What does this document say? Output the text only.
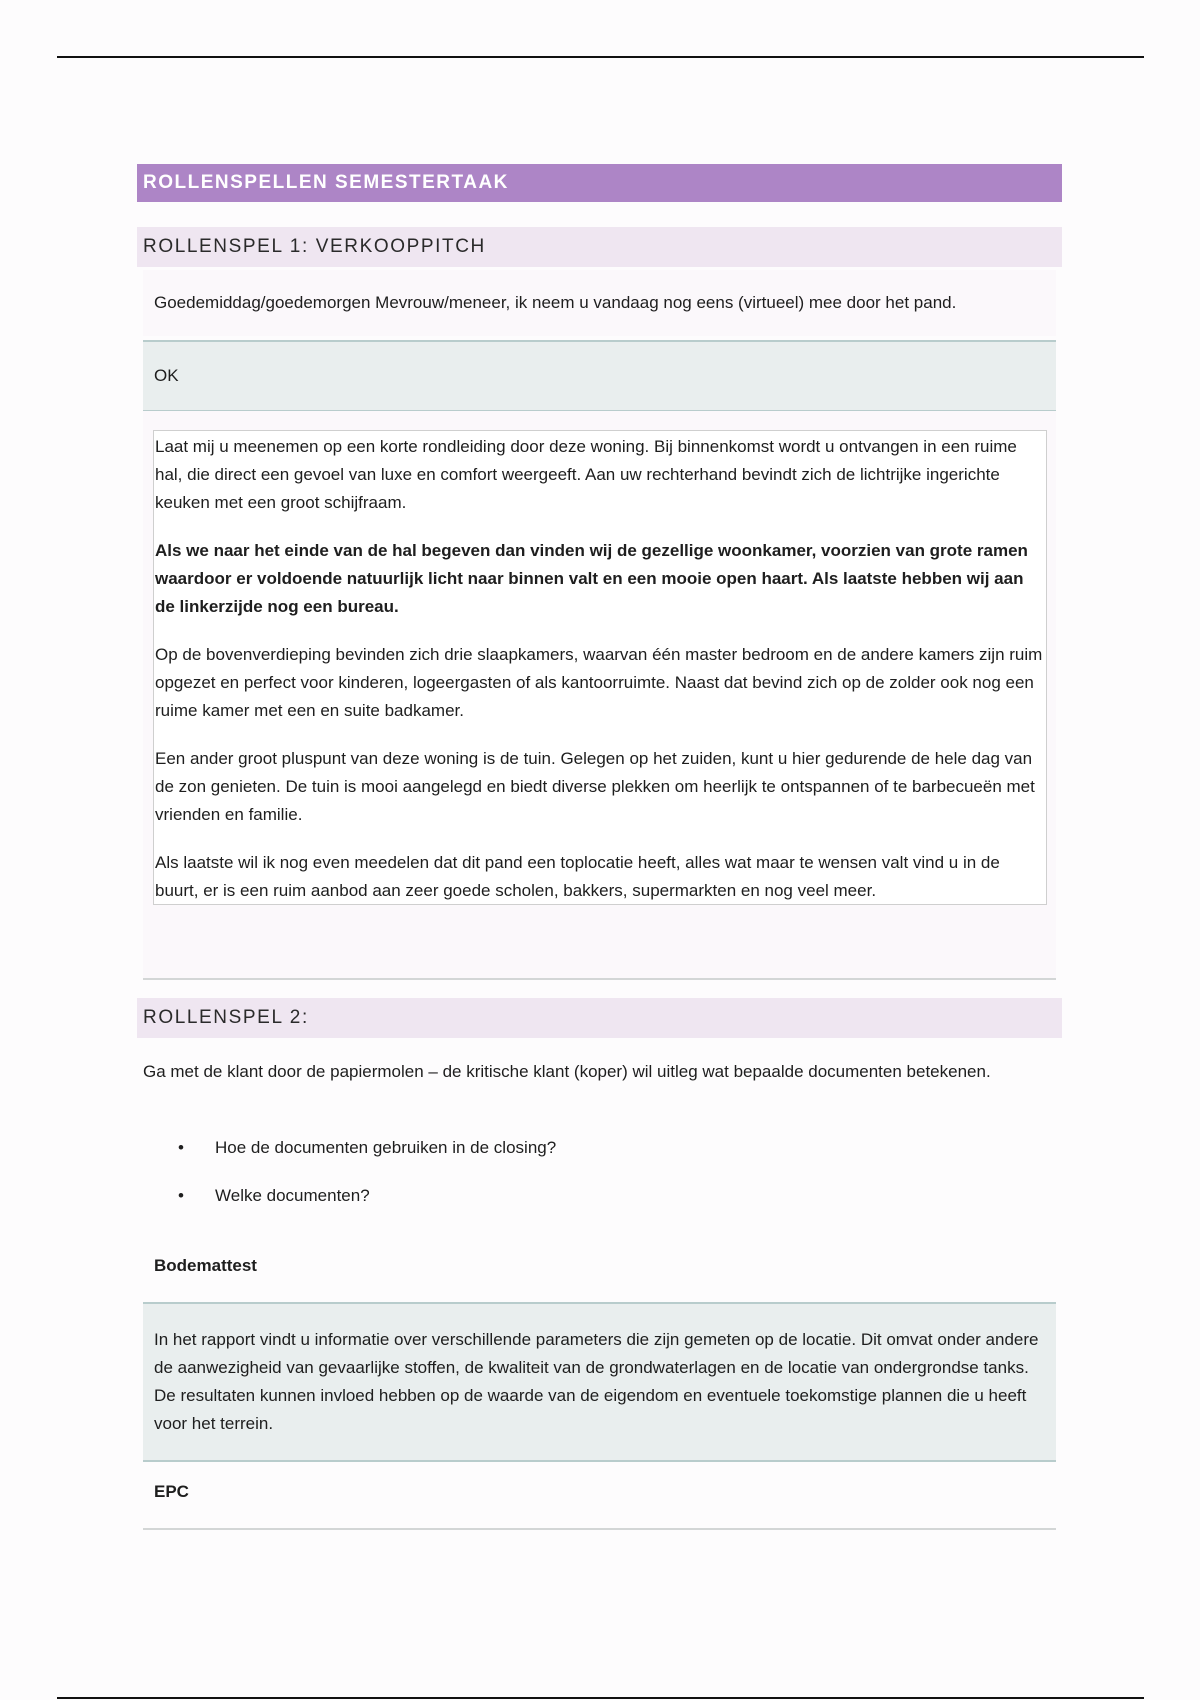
ROLLENSPELLEN SEMESTERTAAK
ROLLENSPEL 1: VERKOOPPITCH
Goedemiddag/goedemorgen Mevrouw/meneer, ik neem u vandaag nog eens (virtueel) mee door het pand.
OK

Laat mij u meenemen op een korte rondleiding door deze woning. Bij binnenkomst wordt u ontvangen in een ruime hal, die direct een gevoel van luxe en comfort weergeeft. Aan uw rechterhand bevindt zich de lichtrijke ingerichte keuken met een groot schijfraam.

Als we naar het einde van de hal begeven dan vinden wij de gezellige woonkamer, voorzien van grote ramen waardoor er voldoende natuurlijk licht naar binnen valt en een mooie open haart. Als laatste hebben wij aan de linkerzijde nog een bureau.

Op de bovenverdieping bevinden zich drie slaapkamers, waarvan één master bedroom en de andere kamers zijn ruim opgezet en perfect voor kinderen, logeergasten of als kantoorruimte. Naast dat bevind zich op de zolder ook nog een ruime kamer met een en suite badkamer.

Een ander groot pluspunt van deze woning is de tuin. Gelegen op het zuiden, kunt u hier gedurende de hele dag van de zon genieten. De tuin is mooi aangelegd en biedt diverse plekken om heerlijk te ontspannen of te barbecueën met vrienden en familie.

Als laatste wil ik nog even meedelen dat dit pand een toplocatie heeft, alles wat maar te wensen valt vind u in de buurt, er is een ruim aanbod aan zeer goede scholen, bakkers, supermarkten en nog veel meer.

ROLLENSPEL 2:
Ga met de klant door de papiermolen – de kritische klant (koper) wil uitleg wat bepaalde documenten betekenen.
• Hoe de documenten gebruiken in de closing?
• Welke documenten?
Bodemattest
In het rapport vindt u informatie over verschillende parameters die zijn gemeten op de locatie. Dit omvat onder andere de aanwezigheid van gevaarlijke stoffen, de kwaliteit van de grondwaterlagen en de locatie van ondergrondse tanks. De resultaten kunnen invloed hebben op de waarde van de eigendom en eventuele toekomstige plannen die u heeft voor het terrein.
EPC
